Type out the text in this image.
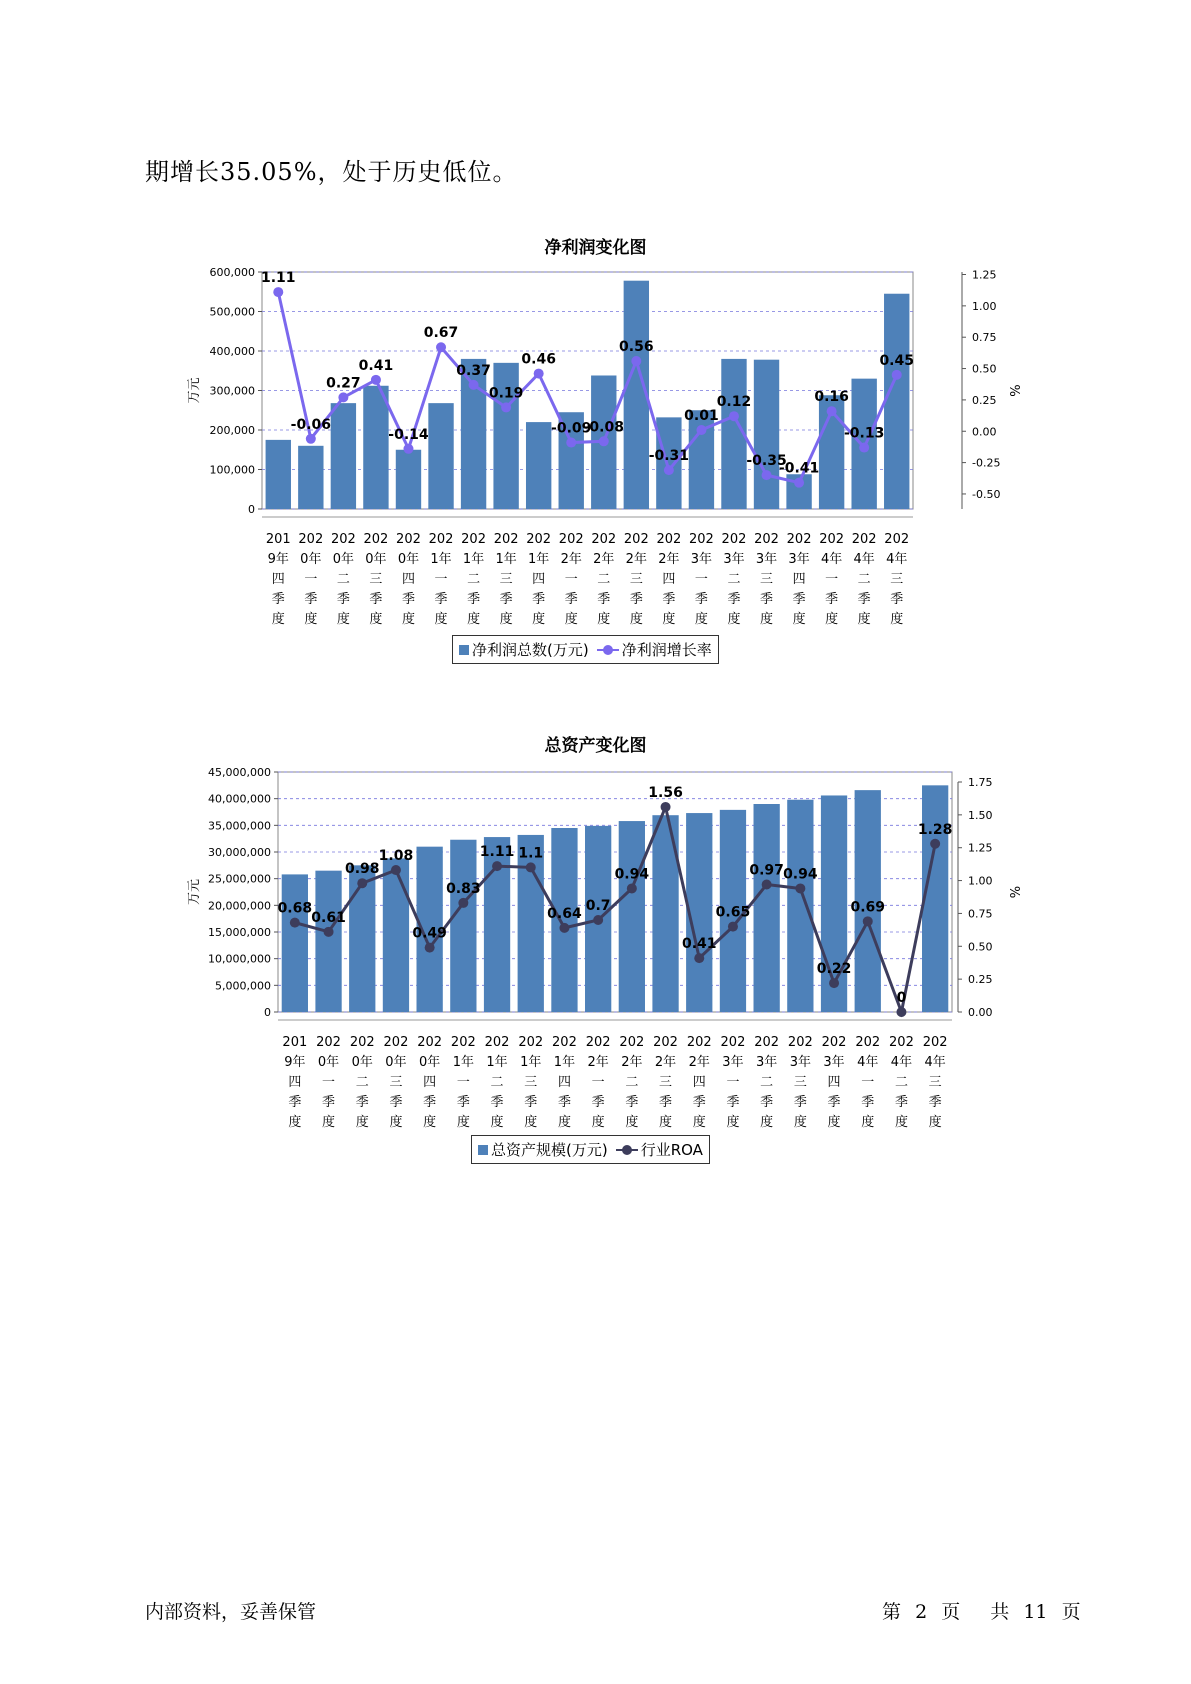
期增长35.05%，处于历史低位。
净利润变化图
0
100,000
200,000
300,000
400,000
500,000
600,000
-0.50
-0.25
0.00
0.25
0.50
0.75
1.00
1.25
万元	%
201
9年
四
季
度
202
0年
一
季
度
202
0年
二
季
度
202
0年
三
季
度
202
0年
四
季
度
202
1年
一
季
度
202
1年
二
季
度
202
1年
三
季
度
202
1年
四
季
度
202
2年
一
季
度
202
2年
二
季
度
202
2年
三
季
度
202
2年
四
季
度
202
3年
一
季
度
202
3年
二
季
度
202
3年
三
季
度
202
3年
四
季
度
202
4年
一
季
度
202
4年
二
季
度
202
4年
三
季
度
1.11
-0.06
0.27
0.41
-0.14
0.67
0.37
0.19
0.46
-0.09
-0.08
0.56
-0.31
0.01
0.12
-0.35
-0.41
0.16
-0.13
0.45
净利润总数(万元) 净利润增长率
总资产变化图
0
5,000,000
10,000,000
15,000,000
20,000,000
25,000,000
30,000,000
35,000,000
40,000,000
45,000,000
0.00
0.25
0.50
0.75
1.00
1.25
1.50
1.75
万元	%
201
9年
四
季
度
202
0年
一
季
度
202
0年
二
季
度
202
0年
三
季
度
202
0年
四
季
度
202
1年
一
季
度
202
1年
二
季
度
202
1年
三
季
度
202
1年
四
季
度
202
2年
一
季
度
202
2年
二
季
度
202
2年
三
季
度
202
2年
四
季
度
202
3年
一
季
度
202
3年
二
季
度
202
3年
三
季
度
202
3年
四
季
度
202
4年
一
季
度
202
4年
二
季
度
202
4年
三
季
度
0.68
0.61
0.98
1.08
0.49
0.83
1.11 1.1
0.64 0.7
0.94
1.56
0.41
0.65
0.97 0.94
0.22
0.69
0
1.28
总资产规模(万元) 行业ROA
内部资料，妥善保管	第 2 页 共 11 页
